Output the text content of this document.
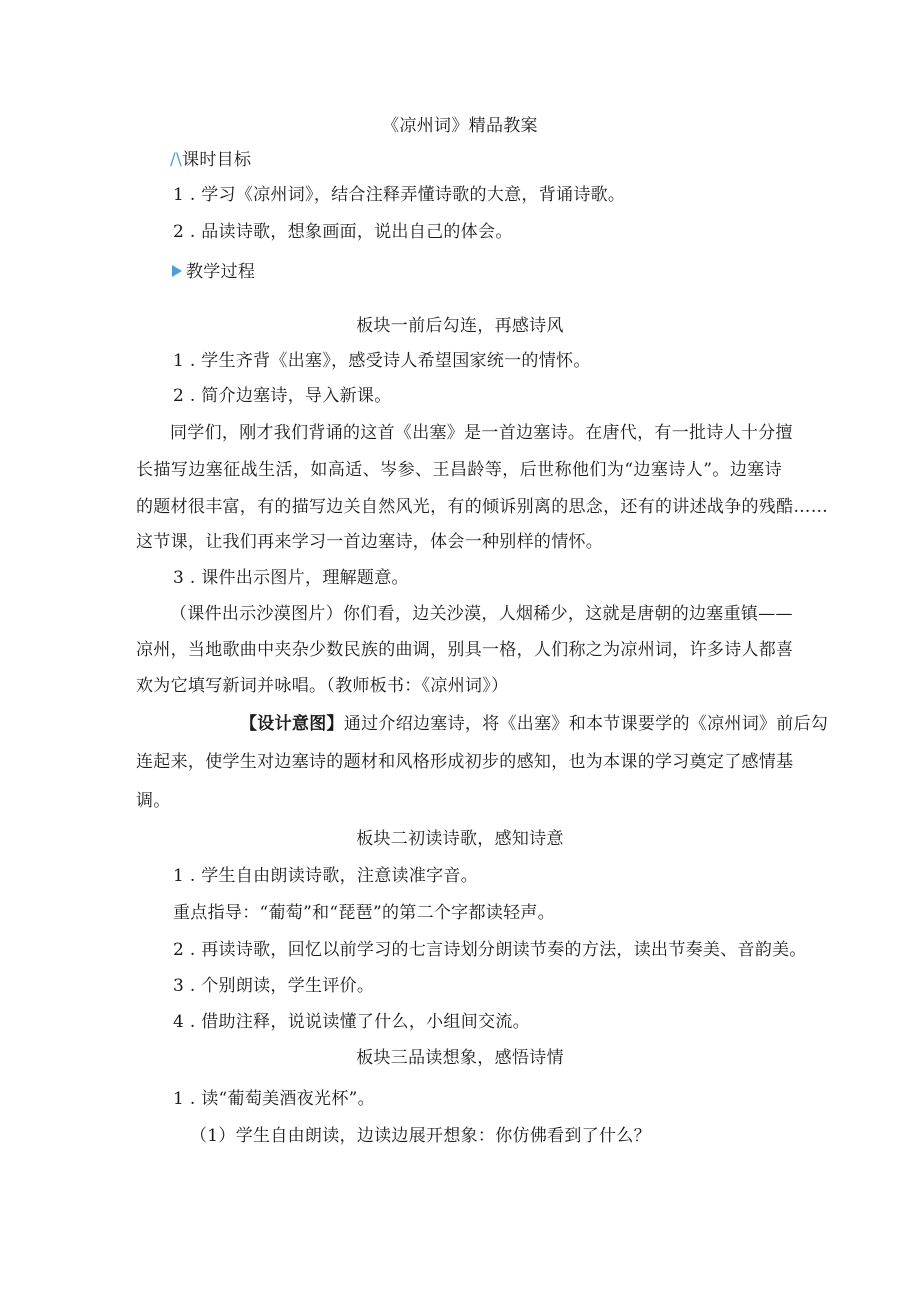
《凉州词》精品教案
/\课时目标
1 . 学习《凉州词》，结合注释弄懂诗歌的大意，背诵诗歌。
2 . 品读诗歌，想象画面，说出自己的体会。
教学过程
板块一前后勾连，再感诗风
1 . 学生齐背《出塞》，感受诗人希望国家统一的情怀。
2 . 简介边塞诗，导入新课。
同学们，刚才我们背诵的这首《出塞》是一首边塞诗。在唐代，有一批诗人十分擅
长描写边塞征战生活，如高适、岑参、王昌龄等，后世称他们为“边塞诗人”。边塞诗
的题材很丰富，有的描写边关自然风光，有的倾诉别离的思念，还有的讲述战争的残酷……
这节课，让我们再来学习一首边塞诗，体会一种别样的情怀。
3 . 课件出示图片，理解题意。
（课件出示沙漠图片）你们看，边关沙漠，人烟稀少，这就是唐朝的边塞重镇——
凉州，当地歌曲中夹杂少数民族的曲调，别具一格，人们称之为凉州词，许多诗人都喜
欢为它填写新词并咏唱。（教师板书：《凉州词》）
【设计意图】通过介绍边塞诗，将《出塞》和本节课要学的《凉州词》前后勾
连起来，使学生对边塞诗的题材和风格形成初步的感知，也为本课的学习奠定了感情基
调。
板块二初读诗歌，感知诗意
1 . 学生自由朗读诗歌，注意读准字音。
重点指导：“葡萄”和“琵琶”的第二个字都读轻声。
2 . 再读诗歌，回忆以前学习的七言诗划分朗读节奏的方法，读出节奏美、音韵美。
3 . 个别朗读，学生评价。
4 . 借助注释，说说读懂了什么，小组间交流。
板块三品读想象，感悟诗情
1 . 读“葡萄美酒夜光杯”。
（1）学生自由朗读，边读边展开想象：你仿佛看到了什么？
